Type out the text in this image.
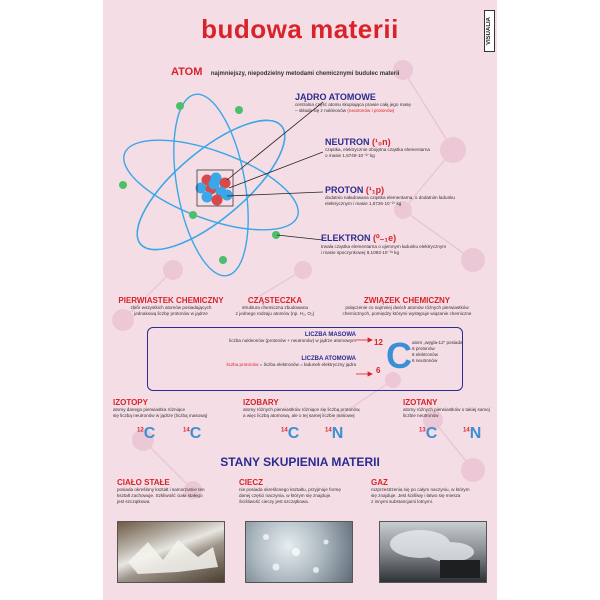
budowa materii	VISUALIA
ATOM najmniejszy, niepodzielny metodami chemicznymi budulec materii
JĄDRO ATOMOWE
centralna część atomu skupiająca prawie całą jego masę
– składa się z nukleonów (neutronów i protonów)
NEUTRON (¹₀n)
cząstka, elektrycznie obojętna cząstka elementarna
o masie 1,6749·10⁻²⁷ kg
PROTON (¹₁p)
dodatnio naładowana cząstka elementarna, o dodatnim ładunku
elektrycznym i masie 1,6726·10⁻²⁷ kg
ELEKTRON (⁰₋₁e)
trwała cząstka elementarna o ujemnym ładunku elektrycznym
i masie spoczynkowej 9,1093·10⁻³¹ kg
PIERWIASTEK CHEMICZNY
zbiór wszystkich atomów posiadających
jednakową liczbę protonów w jądrze
CZĄSTECZKA
struktura chemiczna zbudowana
z jednego rodzaju atomów (np. H₂, O₂)
ZWIĄZEK CHEMICZNY
połączenie co najmniej dwóch atomów różnych pierwiastków
chemicznych, pomiędzy którymi występuje wiązanie chemiczne
LICZBA MASOWA
liczba nukleonów (protonów + neutronów) w jądrze atomowym
LICZBA ATOMOWA
liczba protonów = liczba elektronów = ładunek elektryczny jądra
12
6 C atom „węgla-12” posiada
6 protonów
6 elektronów
6 neutronów
IZOTOPY
atomy danego pierwiastka różniące
się liczbą neutronów w jądrze (liczbą masową)
$^{12}$C	$^{14}$C
IZOBARY
atomy różnych pierwiastków różniące się liczbą protonów,
a więc liczbą atomową, ale o tej samej liczbie masowej
$^{14}$C	$^{14}$N
IZOTANY
atomy różnych pierwiastków o takiej samej
liczbie neutronów
$^{13}$C	$^{14}$N
STANY SKUPIENIA MATERII
CIAŁO STAŁE
posiada określony kształt i samorzutnie ten
kształt zachowuje. Szkliwość ciała stałego
jest szczątkowa.
CIECZ
nie posiada określonego kształtu, przyjmuje formę
danej części naczynia, w którym się znajduje.
Ściśliwość cieczy jest szczątkowa.
GAZ
rozprzestrzenia się po całym naczyniu, w którym
się znajduje. Jest ściśliwy i łatwo się miesza
z innymi substancjami lotnymi.
